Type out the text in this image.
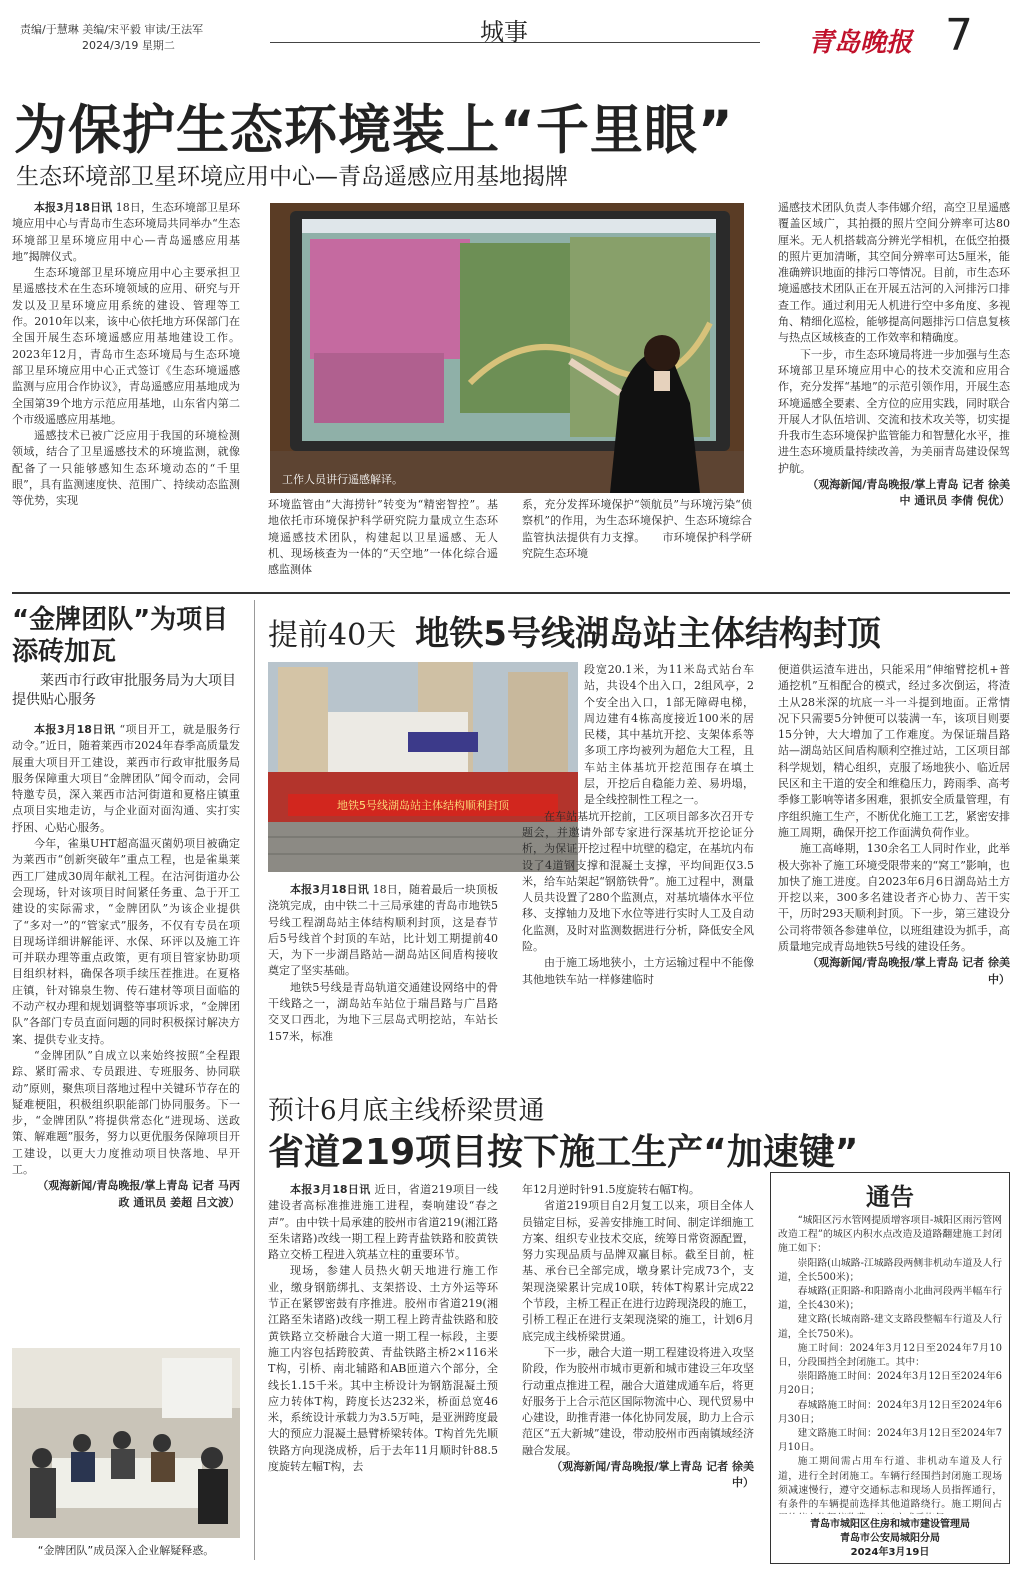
责编/于慧琳 美编/宋平毅 审读/王法军
2024/3/19 星期二	城事	青岛晚报 7
为保护生态环境装上“千里眼”
生态环境部卫星环境应用中心—青岛遥感应用基地揭牌

本报3月18日讯 18日，生态环境部卫星环境应用中心与青岛市生态环境局共同举办“生态环境部卫星环境应用中心—青岛遥感应用基地”揭牌仪式。

生态环境部卫星环境应用中心主要承担卫星遥感技术在生态环境领域的应用、研究与开发以及卫星环境应用系统的建设、管理等工作。2010年以来，该中心依托地方环保部门在全国开展生态环境遥感应用基地建设工作。2023年12月，青岛市生态环境局与生态环境部卫星环境应用中心正式签订《生态环境遥感监测与应用合作协议》，青岛遥感应用基地成为全国第39个地方示范应用基地，山东省内第二个市级遥感应用基地。

遥感技术已被广泛应用于我国的环境检测领域，结合了卫星遥感技术的环境监测，就像配备了一只能够感知生态环境动态的“千里眼”，具有监测速度快、范围广、持续动态监测等优势，实现

工作人员讲行遥感解译。

环境监管由“大海捞针”转变为“精密智控”。基地依托市环境保护科学研究院力量成立生态环境遥感技术团队，构建起以卫星遥感、无人机、现场核查为一体的“天空地”一体化综合遥感监测体

系，充分发挥环境保护“领航员”与环境污染“侦察机”的作用，为生态环境保护、生态环境综合监管执法提供有力支撑。　　市环境保护科学研究院生态环境

遥感技术团队负责人李伟娜介绍，高空卫星遥感覆盖区域广，其拍摄的照片空间分辨率可达80厘米。无人机搭载高分辨光学相机，在低空拍摄的照片更加清晰，其空间分辨率可达5厘米，能准确辨识地面的排污口等情况。目前，市生态环境遥感技术团队正在开展五沽河的入河排污口排查工作。通过利用无人机进行空中多角度、多视角、精细化巡检，能够提高问题排污口信息复核与热点区域核查的工作效率和精确度。

下一步，市生态环境局将进一步加强与生态环境部卫星环境应用中心的技术交流和应用合作，充分发挥“基地”的示范引领作用，开展生态环境遥感全要素、全方位的应用实践，同时联合开展人才队伍培训、交流和技术攻关等，切实提升我市生态环境保护监管能力和智慧化水平，推进生态环境质量持续改善，为美丽青岛建设保驾护航。

（观海新闻/青岛晚报/掌上青岛 记者 徐美中 通讯员 李倩 倪优）

“金牌团队”为项目添砖加瓦
莱西市行政审批服务局为大项目提供贴心服务

本报3月18日讯 “项目开工，就是服务行动令。”近日，随着莱西市2024年春季高质量发展重大项目开工建设，莱西市行政审批服务局服务保障重大项目“金牌团队”闻令而动，会同特邀专员，深入莱西市沽河街道和夏格庄镇重点项目实地走访，与企业面对面沟通、实打实抒困、心贴心服务。

今年，雀巢UHT超高温灭菌奶项目被确定为莱西市“创新突破年”重点工程，也是雀巢莱西工厂建成30周年献礼工程。在沽河街道办公会现场，针对该项目时间紧任务重、急于开工建设的实际需求，“金牌团队”为该企业提供了“多对一”的“管家式”服务，不仅有专员在项目现场详细讲解能评、水保、环评以及施工许可并联办理等重点政策，更有项目管家协助项目组织材料，确保各项手续压茬推进。在夏格庄镇，针对锦泉生物、传石建材等项目面临的不动产权办理和规划调整等事项诉求，“金牌团队”各部门专员直面问题的同时积极探讨解决方案、提供专业支持。

“金牌团队”自成立以来始终按照“全程跟踪、紧盯需求、专员跟进、专班服务、协同联动”原则，聚焦项目落地过程中关键环节存在的疑难梗阻，积极组织职能部门协同服务。下一步，“金牌团队”将提供常态化“进现场、送政策、解难题”服务，努力以更优服务保障项目开工建设，以更大力度推动项目快落地、早开工。

（观海新闻/青岛晚报/掌上青岛 记者 马丙政 通讯员 姜超 吕文波）

“金牌团队”成员深入企业解疑释惑。
提前40天 地铁5号线湖岛站主体结构封顶
地铁5号线湖岛站主体结构顺利封顶

本报3月18日讯 18日，随着最后一块顶板浇筑完成，由中铁二十三局承建的青岛市地铁5号线工程湖岛站主体结构顺利封顶，这是春节后5号线首个封顶的车站，比计划工期提前40天，为下一步湖昌路站—湖岛站区间盾构接收奠定了坚实基础。

地铁5号线是青岛轨道交通建设网络中的骨干线路之一，湖岛站车站位于瑞昌路与广昌路交叉口西北，为地下三层岛式明挖站，车站长157米，标准

段宽20.1米，为11米岛式站台车站，共设4个出入口，2组风亭，2个安全出入口，1部无障碍电梯，周边建有4栋高度接近100米的居民楼，其中基坑开挖、支架体系等多项工序均被列为超危大工程，且车站主体基坑开挖范围存在填土层，开挖后自稳能力差、易坍塌，是全线控制性工程之一。

在车站基坑开挖前，工区项目部多次召开专题会，并邀请外部专家进行深基坑开挖论证分析，为保证开挖过程中坑壁的稳定，在基坑内布设了4道钢支撑和混凝土支撑，平均间距仅3.5米，给车站架起“钢筋铁骨”。施工过程中，测量人员共设置了280个监测点，对基坑墙体水平位移、支撑轴力及地下水位等进行实时人工及自动化监测，及时对监测数据进行分析，降低安全风险。

由于施工场地狭小，土方运输过程中不能像其他地铁车站一样修建临时

便道供运渣车进出，只能采用“伸缩臂挖机+普通挖机”互相配合的模式，经过多次倒运，将渣土从28米深的坑底一斗一斗提到地面。正常情况下只需要5分钟便可以装满一车，该项目则要15分钟，大大增加了工作难度。为保证瑞昌路站—湖岛站区间盾构顺利空推过站，工区项目部科学规划，精心组织，克服了场地狭小、临近居民区和主干道的安全和维稳压力，跨雨季、高考季修工影响等诸多困难，狠抓安全质量管理，有序组织施工生产，不断优化施工工艺，紧密安排施工周期，确保开挖工作面满负荷作业。

施工高峰期，130余名工人同时作业，此举极大弥补了施工环境受限带来的“窝工”影响，也加快了施工进度。自2023年6月6日湖岛站土方开挖以来，300多名建设者齐心协力、苦干实干，历时293天顺利封顶。下一步，第三建设分公司将带领各参建单位，以班组建设为抓手，高质量地完成青岛地铁5号线的建设任务。

（观海新闻/青岛晚报/掌上青岛 记者 徐美中）

预计6月底主线桥梁贯通
省道219项目按下施工生产“加速键”

本报3月18日讯 近日，省道219项目一线建设者高标准推进施工进程，奏响建设“春之声”。由中铁十局承建的胶州市省道219(湘江路至朱诸路)改线一期工程上跨青盐铁路和胶黄铁路立交桥工程进入筑基立柱的重要环节。

现场，参建人员热火朝天地进行施工作业，缴身钢筋绑扎、支架搭设、土方外运等环节正在紧锣密鼓有序推进。胶州市省道219(湘江路至朱诸路)改线一期工程上跨青盐铁路和胶黄铁路立交桥融合大道一期工程一标段，主要施工内容包括跨胶黄、青盐铁路主桥2×116米T构，引桥、南北辅路和AB匝道六个部分，全线长1.15千米。其中主桥设计为钢筋混凝土预应力转体T构，跨度长达232米，桥面总宽46米，系统设计承载力为3.5万吨，是亚洲跨度最大的预应力混凝土悬臂桥梁转体。T构首先先顺铁路方向现浇成桥，后于去年11月顺时针88.5度旋转左幅T构，去

年12月逆时针91.5度旋转右幅T构。

省道219项目自2月复工以来，项目全体人员锚定目标，妥善安排施工时间、制定详细施工方案、组织专业技术交底，统筹日常资源配置，努力实现品质与品牌双赢目标。截至目前，桩基、承台已全部完成，墩身累计完成73个，支架现浇梁累计完成10联，转体T构累计完成22个节段，主桥工程正在进行边跨现浇段的施工，引桥工程正在进行支架现浇梁的施工，计划6月底完成主线桥梁贯通。

下一步，融合大道一期工程建设将进入攻坚阶段，作为胶州市城市更新和城市建设三年攻坚行动重点推进工程，融合大道建成通车后，将更好服务于上合示范区国际物流中心、现代贸易中心建设，助推青港一体化协同发展，助力上合示范区“五大新城”建设，带动胶州市西南镇域经济融合发展。

（观海新闻/青岛晚报/掌上青岛 记者 徐美中）

通告

“城阳区污水管网提质增容项目-城阳区雨污管网改造工程”的城区内积水点改造及道路翻建施工封闭施工如下：

崇阳路(山城路-江城路段两侧非机动车道及人行道，全长500米)；

春城路(正阳路-和阳路南小北曲河段两半幅车行道，全长430米)；

建文路(长城南路-建文支路段整幅车行道及人行道，全长750米)。

施工时间：2024年3月12日至2024年7月10日，分段围挡全封闭施工。其中：

崇阳路施工时间：2024年3月12日至2024年6月20日；

春城路施工时间：2024年3月12日至2024年6月30日；

建文路施工时间：2024年3月12日至2024年7月10日。

施工期间需占用车行道、非机动车道及人行道，进行全封闭施工。车辆行经围挡封闭施工现场须减速慢行，遵守交通标志和现场人员指挥通行，有条件的车辆提前选择其他道路绕行。施工期间占

青岛市城阳区住房和城市建设管理局
青岛市公安局城阳分局
2024年3月19日
